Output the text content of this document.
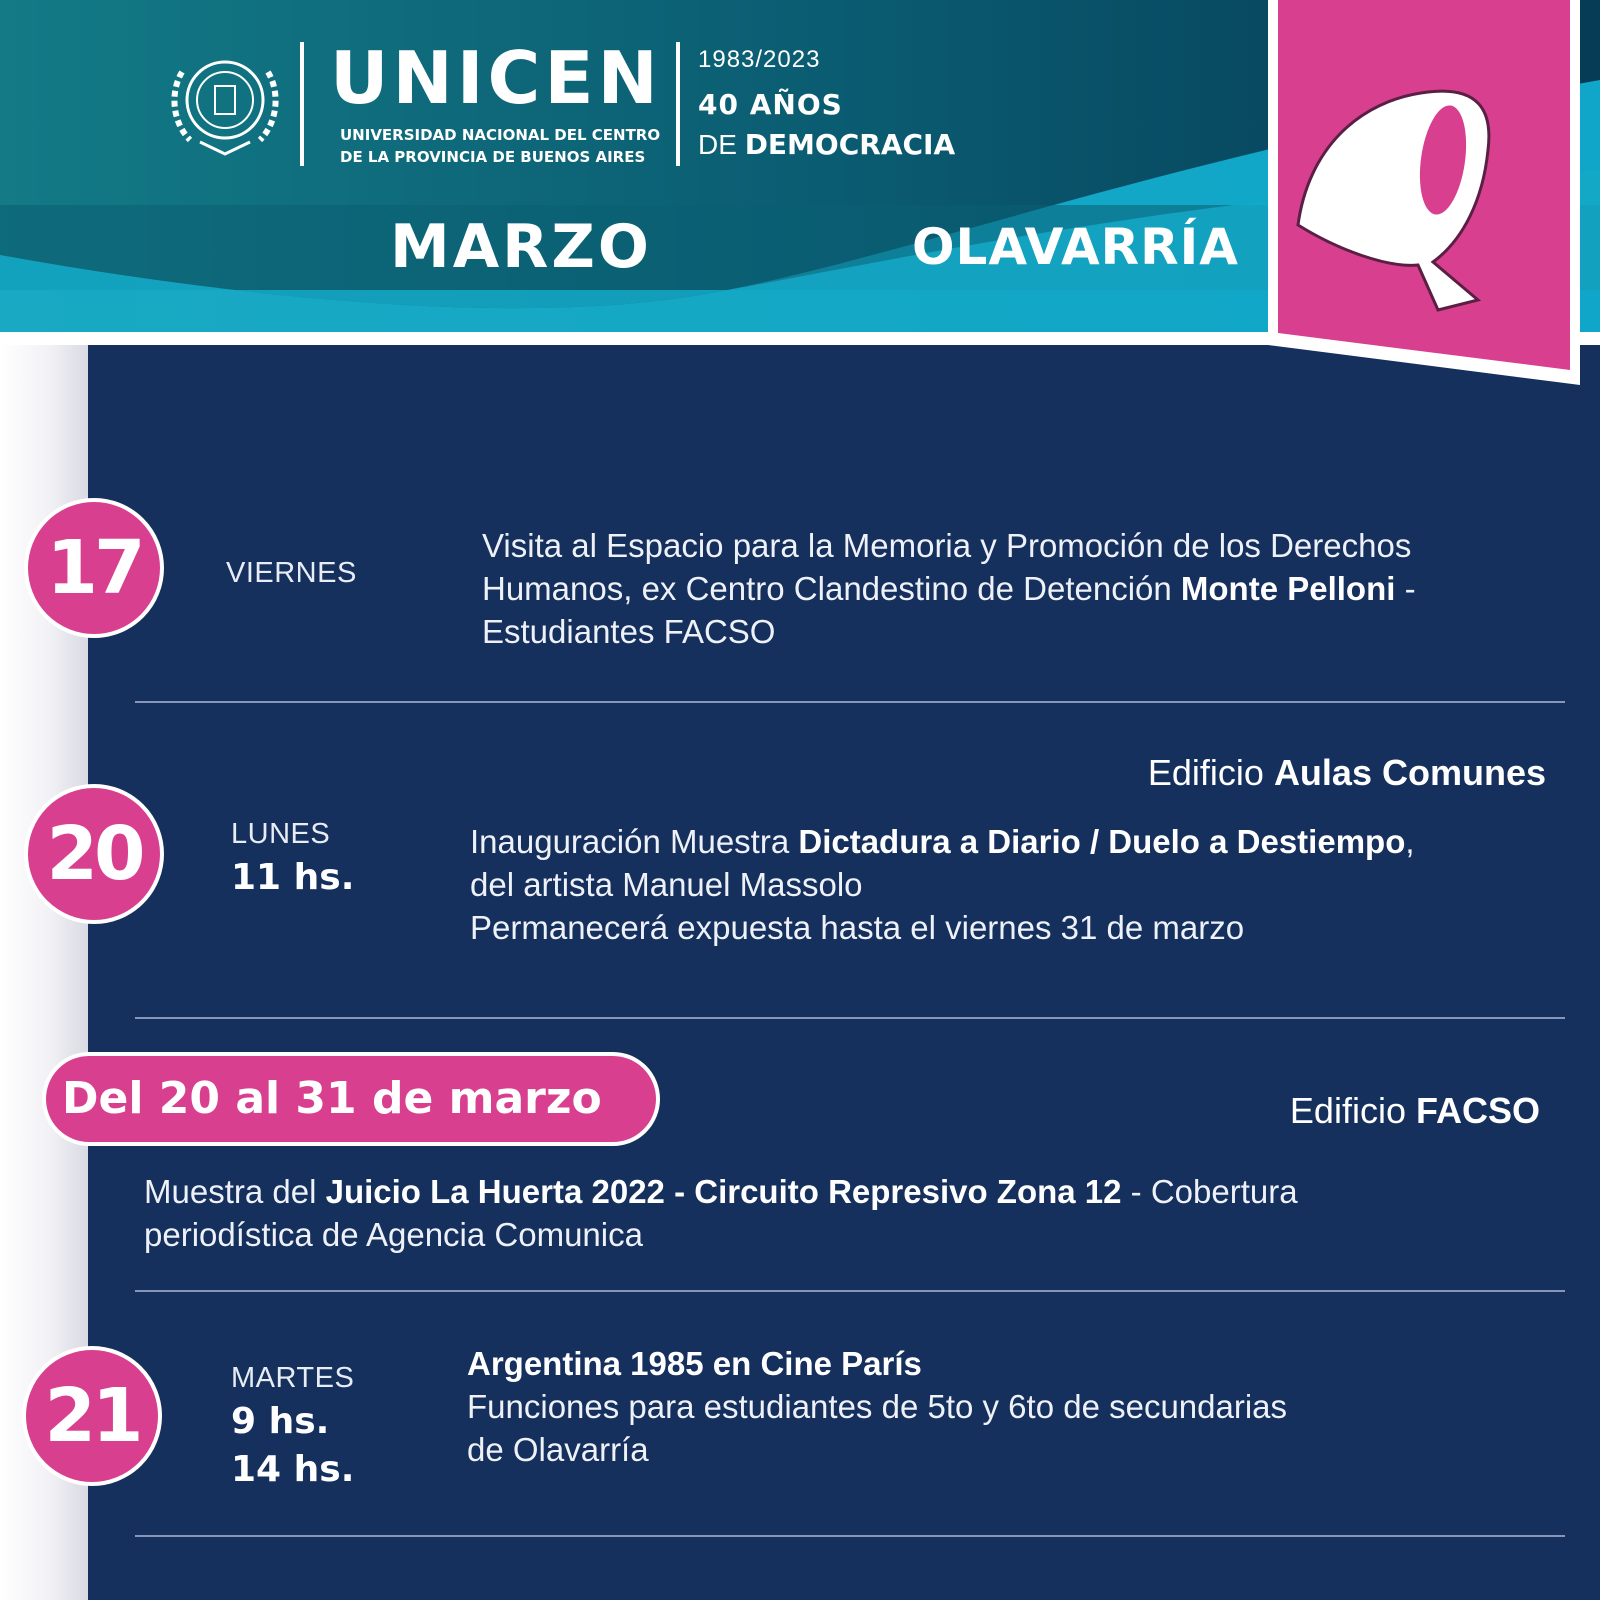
UNICEN
UNIVERSIDAD NACIONAL DEL CENTRO
DE LA PROVINCIA DE BUENOS AIRES
1983/2023
40 AÑOS
DE DEMOCRACIA
MARZO	OLAVARRÍA
17	VIERNES
Visita al Espacio para la Memoria y Promoción de los Derechos
Humanos, ex Centro Clandestino de Detención Monte Pelloni -
Estudiantes FACSO
Edificio Aulas Comunes
20	LUNES
11 hs.
Inauguración Muestra Dictadura a Diario / Duelo a Destiempo,
del artista Manuel Massolo
Permanecerá expuesta hasta el viernes 31 de marzo
Del 20 al 31 de marzo	Edificio FACSO
Muestra del Juicio La Huerta 2022 - Circuito Represivo Zona 12 - Cobertura
periodística de Agencia Comunica
21	MARTES
9 hs.
14 hs.
Argentina 1985 en Cine París
Funciones para estudiantes de 5to y 6to de secundarias
de Olavarría
